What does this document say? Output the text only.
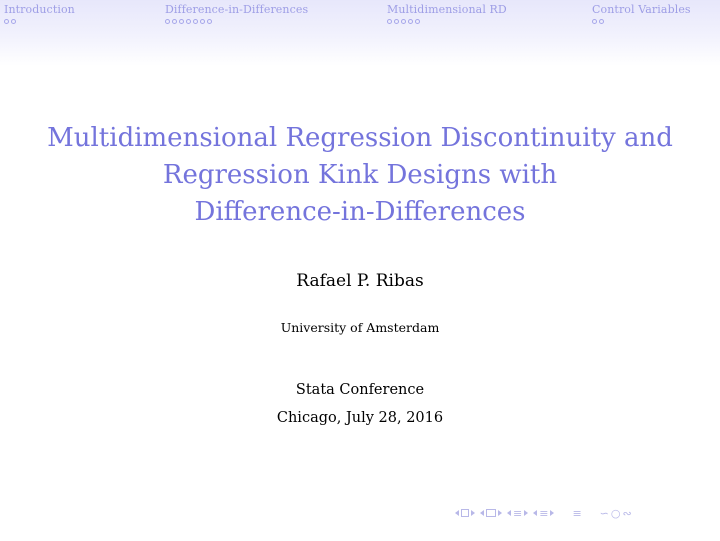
Introduction	Difference-in-Differences	Multidimensional RD	Control Variables
Multidimensional Regression Discontinuity and
Regression Kink Designs with
Difference-in-Differences
Rafael P. Ribas
University of Amsterdam
Stata Conference
Chicago, July 28, 2016
≡ ≡ ≡ ∽ ○ ∾
